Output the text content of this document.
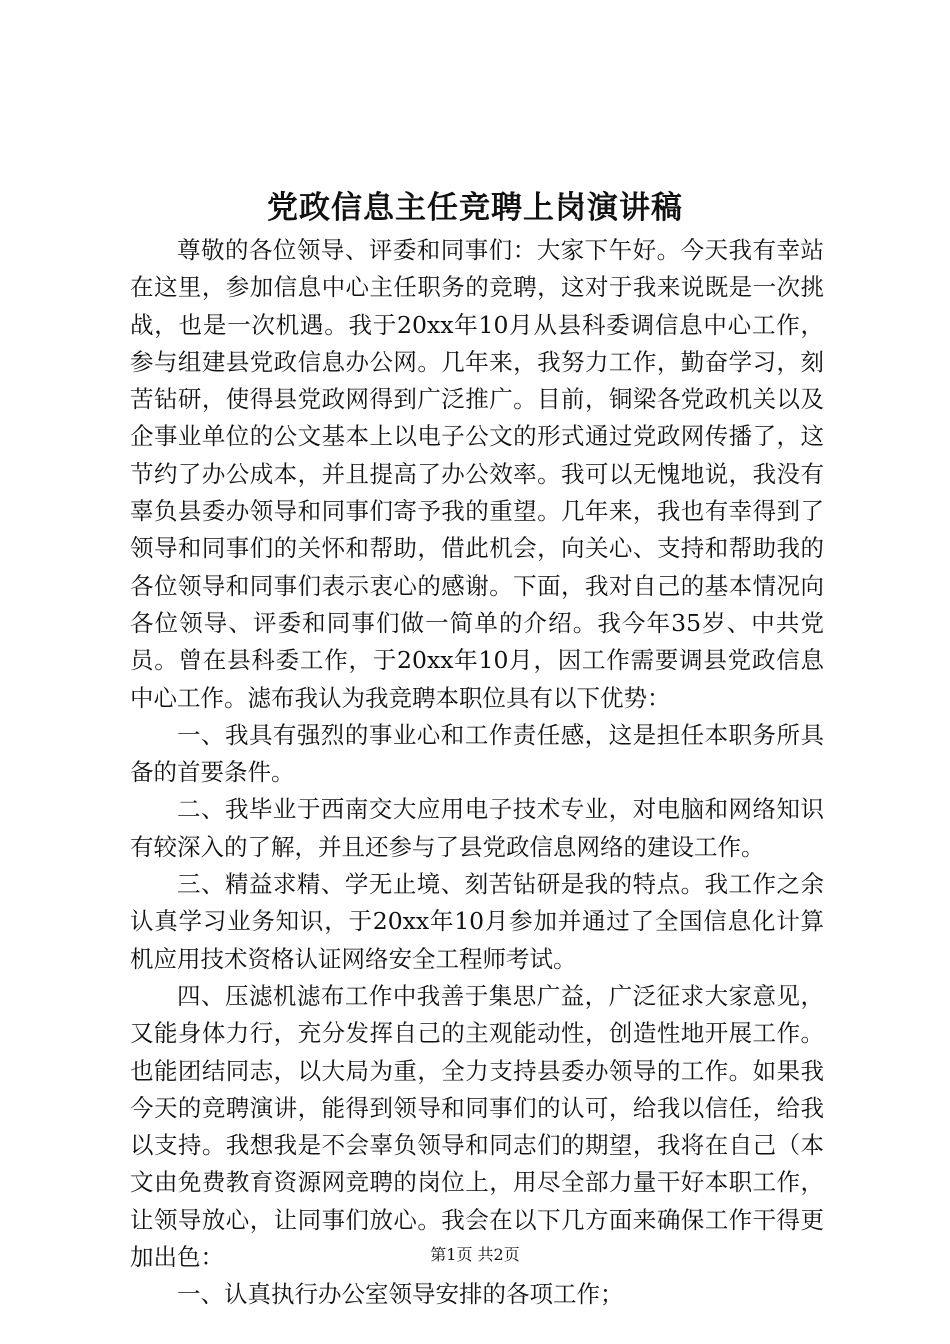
党政信息主任竞聘上岗演讲稿

尊敬的各位领导、评委和同事们：大家下午好。今天我有幸站在这里，参加信息中心主任职务的竞聘，这对于我来说既是一次挑战，也是一次机遇。我于20xx年10月从县科委调信息中心工作，参与组建县党政信息办公网。几年来，我努力工作，勤奋学习，刻苦钻研，使得县党政网得到广泛推广。目前，铜梁各党政机关以及企事业单位的公文基本上以电子公文的形式通过党政网传播了，这节约了办公成本，并且提高了办公效率。我可以无愧地说，我没有辜负县委办领导和同事们寄予我的重望。几年来，我也有幸得到了领导和同事们的关怀和帮助，借此机会，向关心、支持和帮助我的各位领导和同事们表示衷心的感谢。下面，我对自己的基本情况向各位领导、评委和同事们做一简单的介绍。我今年35岁、中共党员。曾在县科委工作，于20xx年10月，因工作需要调县党政信息中心工作。滤布我认为我竞聘本职位具有以下优势：

一、我具有强烈的事业心和工作责任感，这是担任本职务所具备的首要条件。

二、我毕业于西南交大应用电子技术专业，对电脑和网络知识有较深入的了解，并且还参与了县党政信息网络的建设工作。

三、精益求精、学无止境、刻苦钻研是我的特点。我工作之余认真学习业务知识，于20xx年10月参加并通过了全国信息化计算机应用技术资格认证网络安全工程师考试。

四、压滤机滤布工作中我善于集思广益，广泛征求大家意见，又能身体力行，充分发挥自己的主观能动性，创造性地开展工作。也能团结同志，以大局为重，全力支持县委办领导的工作。如果我今天的竞聘演讲，能得到领导和同事们的认可，给我以信任，给我以支持。我想我是不会辜负领导和同志们的期望，我将在自己（本文由免费教育资源网竞聘的岗位上，用尽全部力量干好本职工作，让领导放心，让同事们放心。我会在以下几方面来确保工作干得更加出色：

一、认真执行办公室领导安排的各项工作；

第1页 共2页
